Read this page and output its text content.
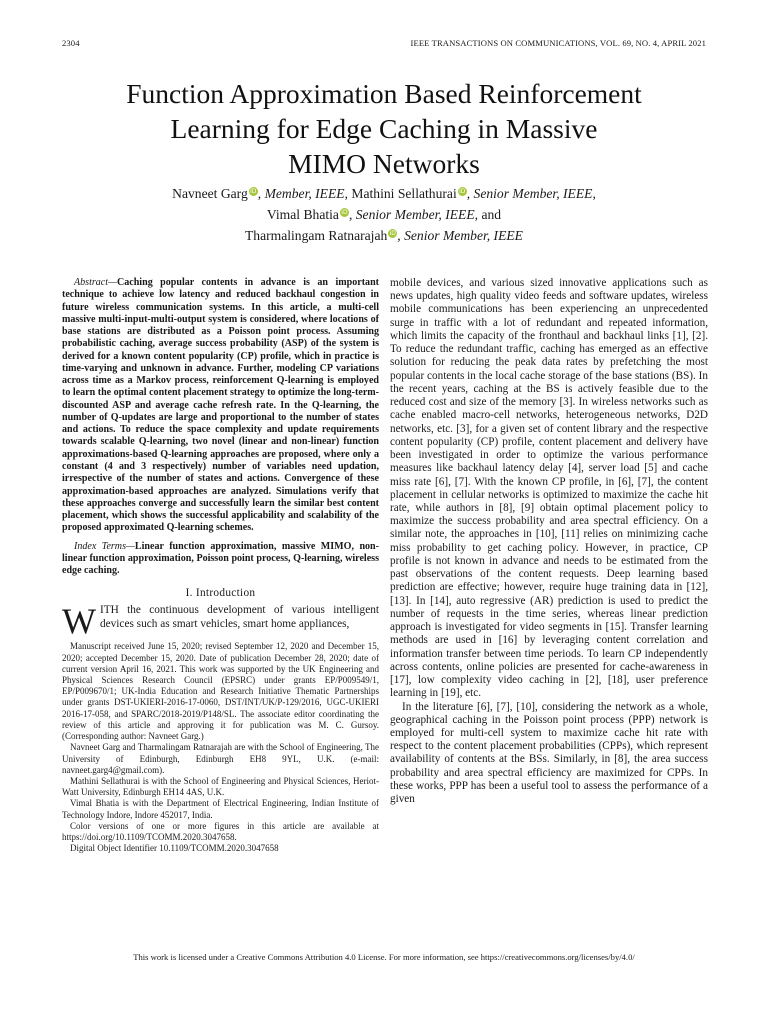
2304	IEEE TRANSACTIONS ON COMMUNICATIONS, VOL. 69, NO. 4, APRIL 2021
Function Approximation Based Reinforcement
Learning for Edge Caching in Massive
MIMO Networks
Navneet Garg iD, Member, IEEE, Mathini Sellathurai iD, Senior Member, IEEE,
Vimal Bhatia iD, Senior Member, IEEE, and
Tharmalingam Ratnarajah iD, Senior Member, IEEE

Abstract—Caching popular contents in advance is an important technique to achieve low latency and reduced backhaul congestion in future wireless communication systems. In this article, a multi-cell massive multi-input-multi-output system is considered, where locations of base stations are distributed as a Poisson point process. Assuming probabilistic caching, average success probability (ASP) of the system is derived for a known content popularity (CP) profile, which in practice is time-varying and unknown in advance. Further, modeling CP variations across time as a Markov process, reinforcement Q-learning is employed to learn the optimal content placement strategy to optimize the long-term-discounted ASP and average cache refresh rate. In the Q-learning, the number of Q-updates are large and proportional to the number of states and actions. To reduce the space complexity and update requirements towards scalable Q-learning, two novel (linear and non-linear) function approximations-based Q-learning approaches are proposed, where only a constant (4 and 3 respectively) number of variables need updation, irrespective of the number of states and actions. Convergence of these approximation-based approaches are analyzed. Simulations verify that these approaches converge and successfully learn the similar best content placement, which shows the successful applicability and scalability of the proposed approximated Q-learning schemes.

Index Terms—Linear function approximation, massive MIMO, non-linear function approximation, Poisson point process, Q-learning, wireless edge caching.

I. Introduction

WITH the continuous development of various intelligent devices such as smart vehicles, smart home appliances,

Manuscript received June 15, 2020; revised September 12, 2020 and December 15, 2020; accepted December 15, 2020. Date of publication December 28, 2020; date of current version April 16, 2021. This work was supported by the UK Engineering and Physical Sciences Research Council (EPSRC) under grants EP/P009549/1, EP/P009670/1; UK-India Education and Research Initiative Thematic Partnerships under grants DST-UKIERI-2016-17-0060, DST/INT/UK/P-129/2016, UGC-UKIERI 2016-17-058, and SPARC/2018-2019/P148/SL. The associate editor coordinating the review of this article and approving it for publication was M. C. Gursoy. (Corresponding author: Navneet Garg.)

Navneet Garg and Tharmalingam Ratnarajah are with the School of Engineering, The University of Edinburgh, Edinburgh EH8 9YL, U.K. (e-mail: navneet.garg4@gmail.com).

Mathini Sellathurai is with the School of Engineering and Physical Sciences, Heriot-Watt University, Edinburgh EH14 4AS, U.K.

Vimal Bhatia is with the Department of Electrical Engineering, Indian Institute of Technology Indore, Indore 452017, India.

Color versions of one or more figures in this article are available at https://doi.org/10.1109/TCOMM.2020.3047658.

Digital Object Identifier 10.1109/TCOMM.2020.3047658

mobile devices, and various sized innovative applications such as news updates, high quality video feeds and software updates, wireless mobile communications has been experiencing an unprecedented surge in traffic with a lot of redundant and repeated information, which limits the capacity of the fronthaul and backhaul links [1], [2]. To reduce the redundant traffic, caching has emerged as an effective solution for reducing the peak data rates by prefetching the most popular contents in the local cache storage of the base stations (BS). In the recent years, caching at the BS is actively feasible due to the reduced cost and size of the memory [3]. In wireless networks such as cache enabled macro-cell networks, heterogeneous networks, D2D networks, etc. [3], for a given set of content library and the respective content popularity (CP) profile, content placement and delivery have been investigated in order to optimize the various performance measures like backhaul latency delay [4], server load [5] and cache miss rate [6], [7]. With the known CP profile, in [6], [7], the content placement in cellular networks is optimized to maximize the cache hit rate, while authors in [8], [9] obtain optimal placement policy to maximize the success probability and area spectral efficiency. On a similar note, the approaches in [10], [11] relies on minimizing cache miss probability to get caching policy. However, in practice, CP profile is not known in advance and needs to be estimated from the past observations of the content requests. Deep learning based prediction are effective; however, require huge training data in [12], [13]. In [14], auto regressive (AR) prediction is used to predict the number of requests in the time series, whereas linear prediction approach is investigated for video segments in [15]. Transfer learning methods are used in [16] by leveraging content correlation and information transfer between time periods. To learn CP independently across contents, online policies are presented for cache-awareness in [17], low complexity video caching in [2], [18], user preference learning in [19], etc.

In the literature [6], [7], [10], considering the network as a whole, geographical caching in the Poisson point process (PPP) network is employed for multi-cell system to maximize cache hit rate with respect to the content placement probabilities (CPPs), which represent availability of contents at the BSs. Similarly, in [8], the area success probability and area spectral efficiency are maximized for CPPs. In these works, PPP has been a useful tool to assess the performance of a given

This work is licensed under a Creative Commons Attribution 4.0 License. For more information, see https://creativecommons.org/licenses/by/4.0/
